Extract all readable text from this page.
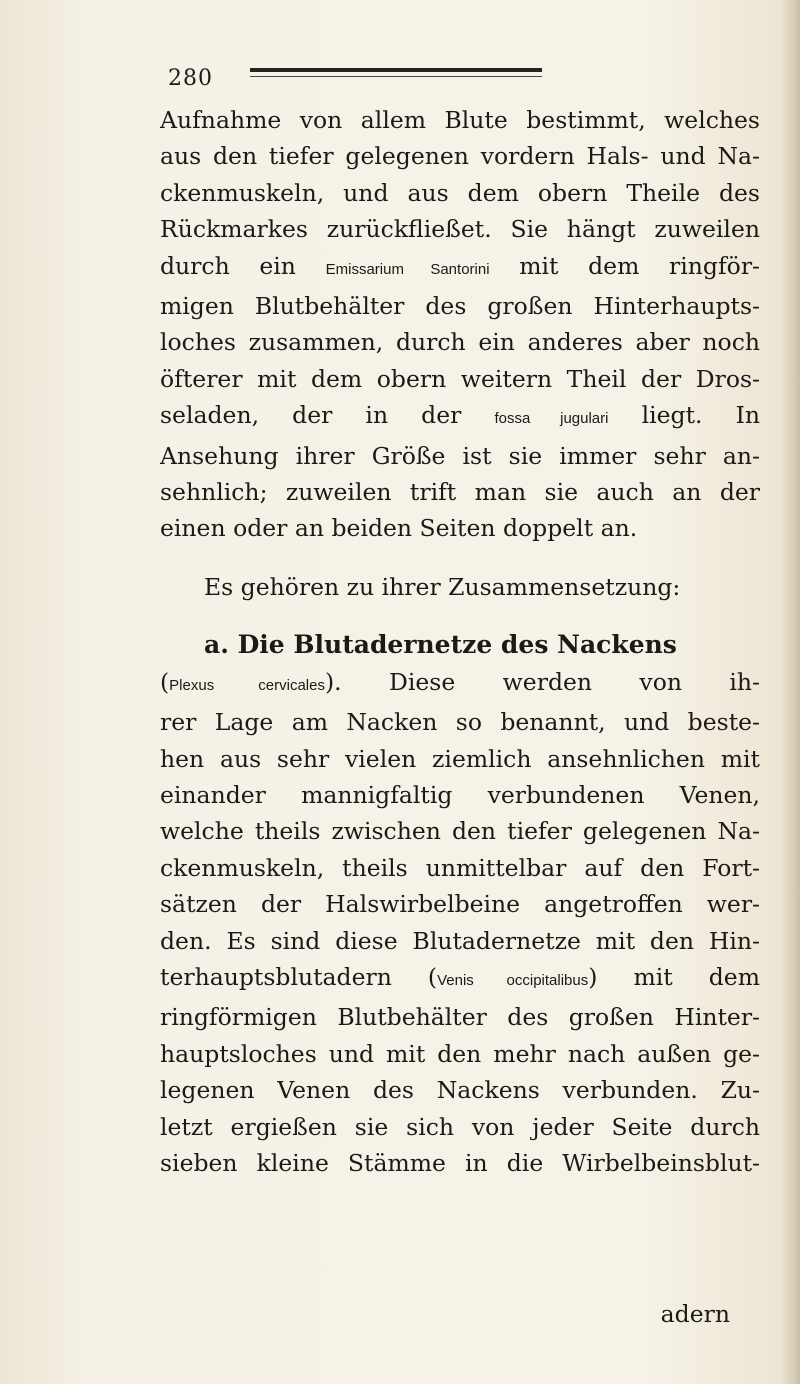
280
Aufnahme von allem Blute bestimmt, welches
aus den tiefer gelegenen vordern Hals- und Na-
ckenmuskeln, und aus dem obern Theile des
Rückmarkes zurückfließet. Sie hängt zuweilen
durch ein Emissarium Santorini mit dem ringför-
migen Blutbehälter des großen Hinterhaupts-
loches zusammen, durch ein anderes aber noch
öfterer mit dem obern weitern Theil der Dros-
seladen, der in der fossa jugulari liegt. In
Ansehung ihrer Größe ist sie immer sehr an-
sehnlich; zuweilen trift man sie auch an der
einen oder an beiden Seiten doppelt an.
Es gehören zu ihrer Zusammensetzung:
a. Die Blutadernetze des Nackens
(Plexus cervicales). Diese werden von ih-
rer Lage am Nacken so benannt, und beste-
hen aus sehr vielen ziemlich ansehnlichen mit
einander mannigfaltig verbundenen Venen,
welche theils zwischen den tiefer gelegenen Na-
ckenmuskeln, theils unmittelbar auf den Fort-
sätzen der Halswirbelbeine angetroffen wer-
den. Es sind diese Blutadernetze mit den Hin-
terhauptsblutadern (Venis occipitalibus) mit dem
ringförmigen Blutbehälter des großen Hinter-
hauptsloches und mit den mehr nach außen ge-
legenen Venen des Nackens verbunden. Zu-
letzt ergießen sie sich von jeder Seite durch
sieben kleine Stämme in die Wirbelbeinsblut-
adern
